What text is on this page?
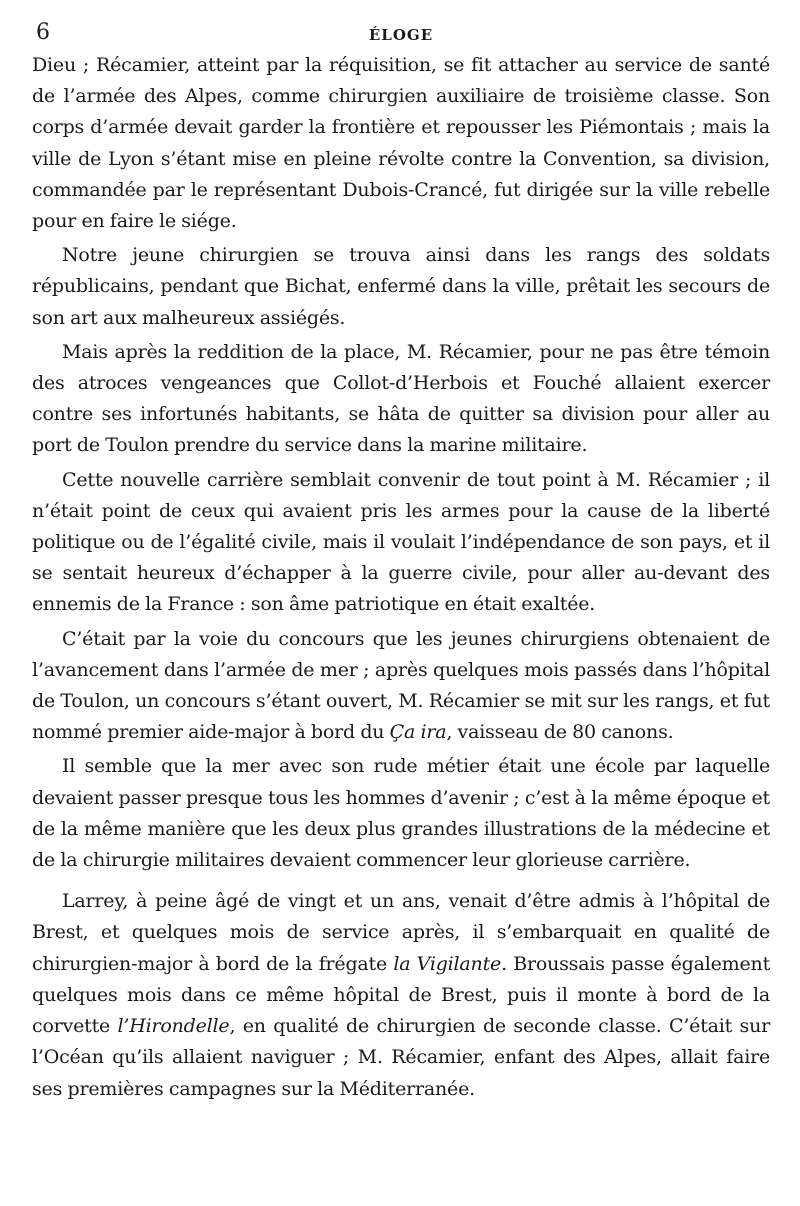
6	ÉLOGE

Dieu ; Récamier, atteint par la réquisition, se fit attacher au service de santé de l’armée des Alpes, comme chirurgien auxiliaire de troisième classe. Son corps d’armée devait garder la frontière et repousser les Piémontais ; mais la ville de Lyon s’étant mise en pleine révolte contre la Convention, sa division, commandée par le représentant Dubois-Crancé, fut dirigée sur la ville rebelle pour en faire le siége.

Notre jeune chirurgien se trouva ainsi dans les rangs des soldats républicains, pendant que Bichat, enfermé dans la ville, prêtait les secours de son art aux malheureux assiégés.

Mais après la reddition de la place, M. Récamier, pour ne pas être témoin des atroces vengeances que Collot-d’Herbois et Fouché allaient exercer contre ses infortunés habitants, se hâta de quitter sa division pour aller au port de Toulon prendre du service dans la marine militaire.

Cette nouvelle carrière semblait convenir de tout point à M. Récamier ; il n’était point de ceux qui avaient pris les armes pour la cause de la liberté politique ou de l’égalité civile, mais il voulait l’indépendance de son pays, et il se sentait heureux d’échapper à la guerre civile, pour aller au-devant des ennemis de la France : son âme patriotique en était exaltée.

C’était par la voie du concours que les jeunes chirurgiens obtenaient de l’avancement dans l’armée de mer ; après quelques mois passés dans l’hôpital de Toulon, un concours s’étant ouvert, M. Récamier se mit sur les rangs, et fut nommé premier aide-major à bord du Ça ira, vaisseau de 80 canons.

Il semble que la mer avec son rude métier était une école par laquelle devaient passer presque tous les hommes d’avenir ; c’est à la même époque et de la même manière que les deux plus grandes illustrations de la médecine et de la chirurgie militaires devaient commencer leur glorieuse carrière.

Larrey, à peine âgé de vingt et un ans, venait d’être admis à l’hôpital de Brest, et quelques mois de service après, il s’embarquait en qualité de chirurgien-major à bord de la frégate la Vigilante. Broussais passe également quelques mois dans ce même hôpital de Brest, puis il monte à bord de la corvette l’Hirondelle, en qualité de chirurgien de seconde classe. C’était sur l’Océan qu’ils allaient naviguer ; M. Récamier, enfant des Alpes, allait faire ses premières campagnes sur la Méditerranée.
